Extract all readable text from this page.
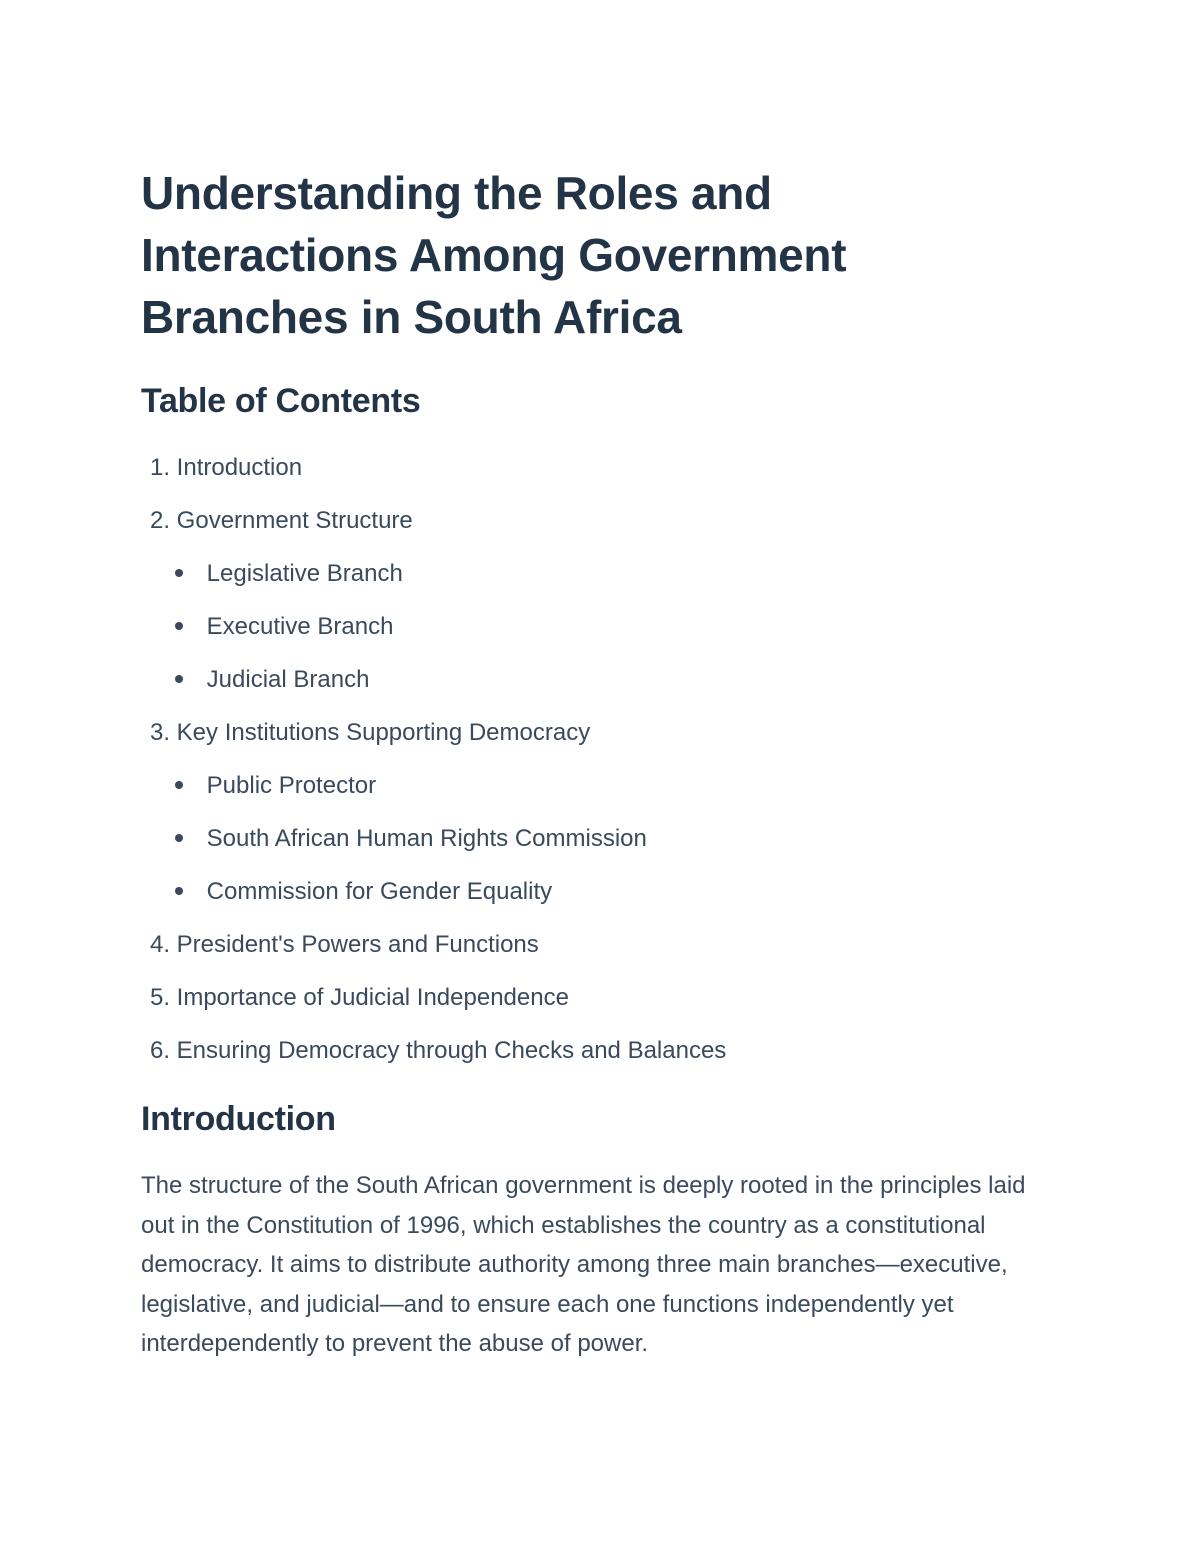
Understanding the Roles and Interactions Among Government Branches in South Africa
Table of Contents
1. Introduction
2. Government Structure
Legislative Branch
Executive Branch
Judicial Branch
3. Key Institutions Supporting Democracy
Public Protector
South African Human Rights Commission
Commission for Gender Equality
4. President's Powers and Functions
5. Importance of Judicial Independence
6. Ensuring Democracy through Checks and Balances
Introduction

The structure of the South African government is deeply rooted in the principles laid out in the Constitution of 1996, which establishes the country as a constitutional democracy. It aims to distribute authority among three main branches—executive, legislative, and judicial—and to ensure each one functions independently yet interdependently to prevent the abuse of power.
